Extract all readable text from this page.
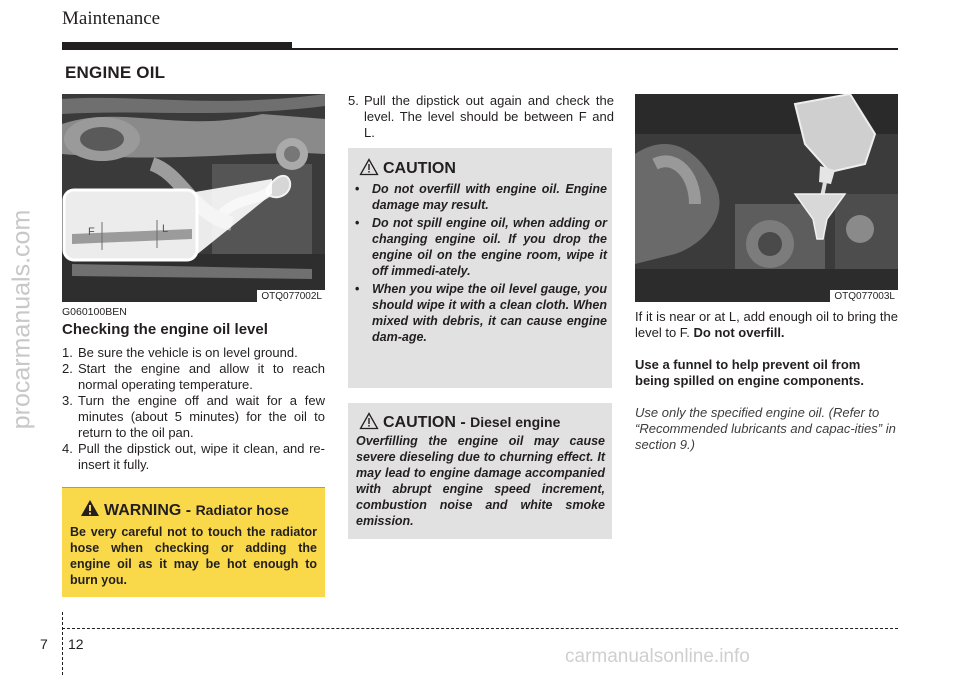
Maintenance
ENGINE OIL
F	L
OTQ077002L
G060100BEN
Checking the engine oil level

1. Be sure the vehicle is on level ground.

2. Start the engine and allow it to reach normal operating temperature.

3. Turn the engine off and wait for a few minutes (about 5 minutes) for the oil to return to the oil pan.

4. Pull the dipstick out, wipe it clean, and re-insert it fully.

WARNING - Radiator hose
Be very careful not to touch the radiator hose when checking or adding the engine oil as it may be hot enough to burn you.

5. Pull the dipstick out again and check the level. The level should be between F and L.

CAUTION
• Do not overfill with engine oil. Engine damage may result.
• Do not spill engine oil, when adding or changing engine oil. If you drop the engine oil on the engine room, wipe it off immedi-ately.
• When you wipe the oil level gauge, you should wipe it with a clean cloth. When mixed with debris, it can cause engine dam-age.
CAUTION - Diesel engine
Overfilling the engine oil may cause severe dieseling due to churning effect. It may lead to engine damage accompanied with abrupt engine speed increment, combustion noise and white smoke emission.
OTQ077003L
If it is near or at L, add enough oil to bring the level to F. Do not overfill.
Use a funnel to help prevent oil from being spilled on engine components.
Use only the specified engine oil. (Refer to “Recommended lubricants and capac-ities” in section 9.)
7 12
procarmanuals.com
carmanualsonline.info
